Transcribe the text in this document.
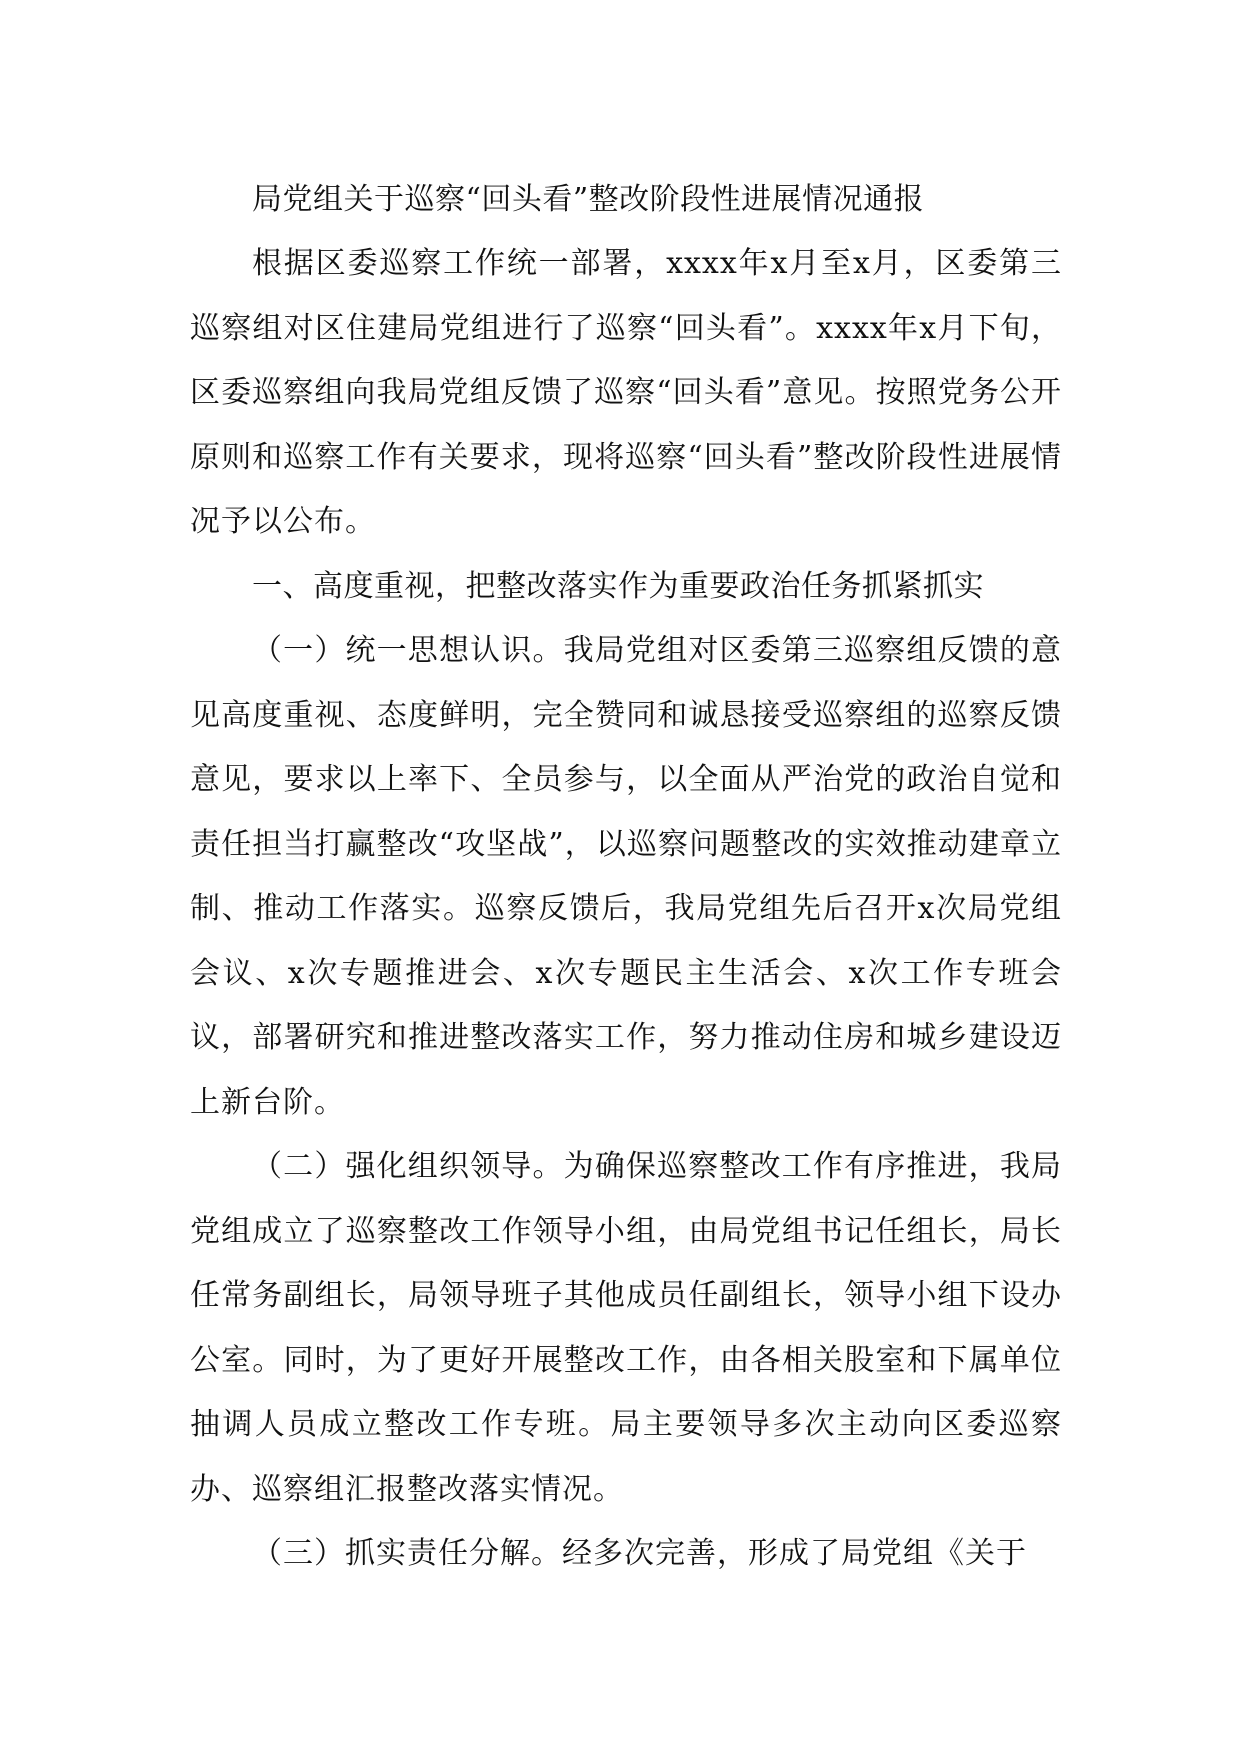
局党组关于巡察“回头看”整改阶段性进展情况通报

根据区委巡察工作统一部署，xxxx年x月至x月，区委第三巡察组对区住建局党组进行了巡察“回头看”。xxxx年x月下旬，区委巡察组向我局党组反馈了巡察“回头看”意见。按照党务公开原则和巡察工作有关要求，现将巡察“回头看”整改阶段性进展情况予以公布。

一、高度重视，把整改落实作为重要政治任务抓紧抓实

（一）统一思想认识。我局党组对区委第三巡察组反馈的意见高度重视、态度鲜明，完全赞同和诚恳接受巡察组的巡察反馈意见，要求以上率下、全员参与，以全面从严治党的政治自觉和责任担当打赢整改“攻坚战”，以巡察问题整改的实效推动建章立制、推动工作落实。巡察反馈后，我局党组先后召开x次局党组会议、x次专题推进会、x次专题民主生活会、x次工作专班会议，部署研究和推进整改落实工作，努力推动住房和城乡建设迈上新台阶。

（二）强化组织领导。为确保巡察整改工作有序推进，我局党组成立了巡察整改工作领导小组，由局党组书记任组长，局长任常务副组长，局领导班子其他成员任副组长，领导小组下设办公室。同时，为了更好开展整改工作，由各相关股室和下属单位抽调人员成立整改工作专班。局主要领导多次主动向区委巡察办、巡察组汇报整改落实情况。

（三）抓实责任分解。经多次完善，形成了局党组《关于
